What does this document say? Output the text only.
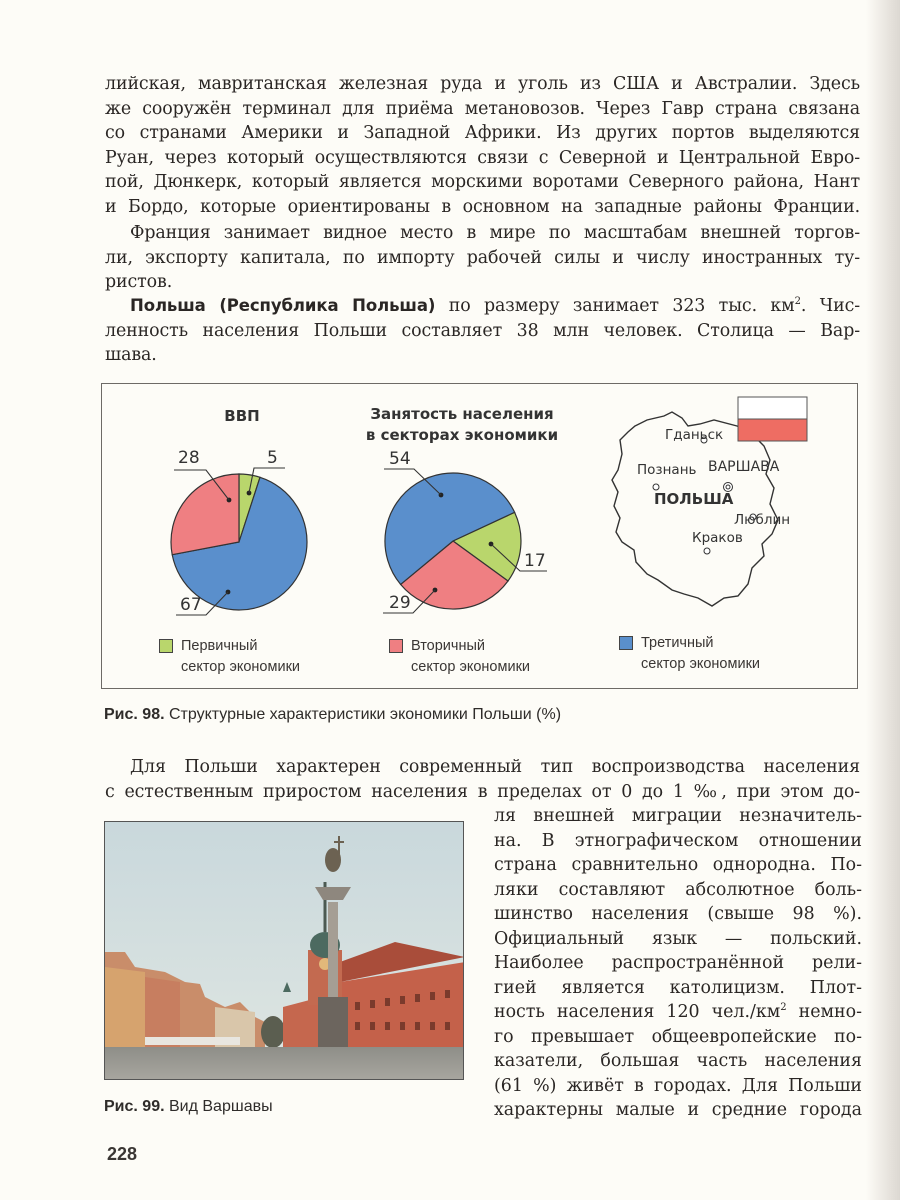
лийская, мавританская железная руда и уголь из США и Австралии. Здесь
же сооружён терминал для приёма метановозов. Через Гавр страна связана
со странами Америки и Западной Африки. Из других портов выделяются
Руан, через который осуществляются связи с Северной и Центральной Евро-
пой, Дюнкерк, который является морскими воротами Северного района, Нант
и Бордо, которые ориентированы в основном на западные районы Франции.
Франция занимает видное место в мире по масштабам внешней торгов-
ли, экспорту капитала, по импорту рабочей силы и числу иностранных ту-
ристов.
Польша (Республика Польша) по размеру занимает 323 тыс. $км^2$. Чис-
ленность населения Польши составляет 38 млн человек. Столица — Вар-
шава.
ВВП	Занятость населения
в секторах экономики
28	5
67
54
17
29
Гданьск
Познань ВАРШАВА
ПОЛЬША
Люблин
Краков
Первичный
сектор экономики
Вторичный
сектор экономики
Третичный
сектор экономики
Рис. 98. Структурные характеристики экономики Польши (%)
Для Польши характерен современный тип воспроизводства населения
с естественным приростом населения в пределах от 0 до 1 ‰, при этом до-
ля внешней миграции незначитель-
на. В этнографическом отношении
страна сравнительно однородна. По-
ляки составляют абсолютное боль-
шинство населения (свыше 98 %).
Официальный язык — польский.
Наиболее распространённой рели-
гией является католицизм. Плот-
ность населения 120 $чел./км^2$ немно-
го превышает общеевропейские по-
казатели, большая часть населения
(61 %) живёт в городах. Для Польши
характерны малые и средние города
Рис. 99. Вид Варшавы
228
